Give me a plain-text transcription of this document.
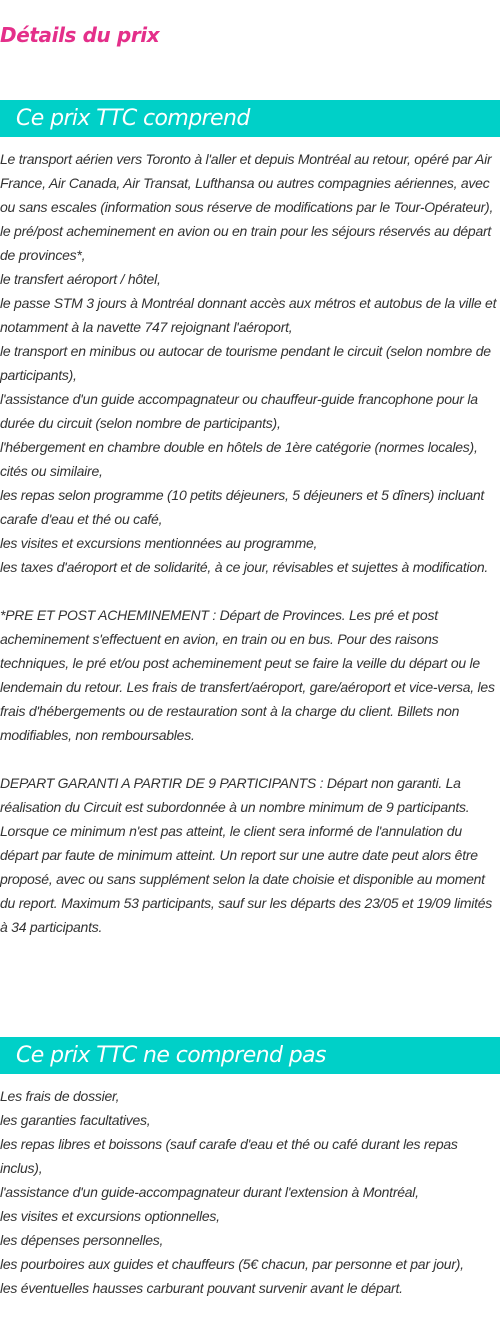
Détails du prix
Ce prix TTC comprend
Le transport aérien vers Toronto à l'aller et depuis Montréal au retour, opéré par Air France, Air Canada, Air Transat, Lufthansa ou autres compagnies aériennes, avec ou sans escales (information sous réserve de modifications par le Tour-Opérateur),
le pré/post acheminement en avion ou en train pour les séjours réservés au départ de provinces*,
le transfert aéroport / hôtel,
le passe STM 3 jours à Montréal donnant accès aux métros et autobus de la ville et notamment à la navette 747 rejoignant l'aéroport,
le transport en minibus ou autocar de tourisme pendant le circuit (selon nombre de participants),
l'assistance d'un guide accompagnateur ou chauffeur-guide francophone pour la durée du circuit (selon nombre de participants),
l'hébergement en chambre double en hôtels de 1ère catégorie (normes locales), cités ou similaire,
les repas selon programme (10 petits déjeuners, 5 déjeuners et 5 dîners) incluant carafe d'eau et thé ou café,
les visites et excursions mentionnées au programme,
les taxes d'aéroport et de solidarité, à ce jour, révisables et sujettes à modification.
*PRE ET POST ACHEMINEMENT : Départ de Provinces. Les pré et post acheminement s'effectuent en avion, en train ou en bus. Pour des raisons techniques, le pré et/ou post acheminement peut se faire la veille du départ ou le lendemain du retour. Les frais de transfert/aéroport, gare/aéroport et vice-versa, les frais d'hébergements ou de restauration sont à la charge du client. Billets non modifiables, non remboursables.
DEPART GARANTI A PARTIR DE 9 PARTICIPANTS : Départ non garanti. La réalisation du Circuit est subordonnée à un nombre minimum de 9 participants. Lorsque ce minimum n'est pas atteint, le client sera informé de l'annulation du départ par faute de minimum atteint. Un report sur une autre date peut alors être proposé, avec ou sans supplément selon la date choisie et disponible au moment du report. Maximum 53 participants, sauf sur les départs des 23/05 et 19/09 limités à 34 participants.
Ce prix TTC ne comprend pas
Les frais de dossier,
les garanties facultatives,
les repas libres et boissons (sauf carafe d'eau et thé ou café durant les repas inclus),
l'assistance d'un guide-accompagnateur durant l'extension à Montréal,
les visites et excursions optionnelles,
les dépenses personnelles,
les pourboires aux guides et chauffeurs (5€ chacun, par personne et par jour),
les éventuelles hausses carburant pouvant survenir avant le départ.
